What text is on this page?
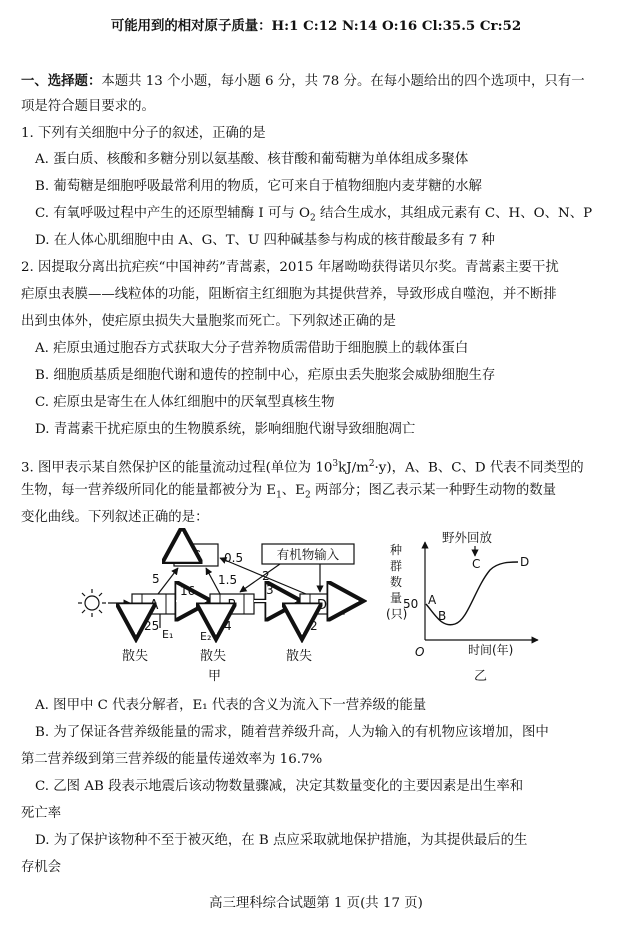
可能用到的相对原子质量：H:1 C:12 N:14 O:16 Cl:35.5 Cr:52
一、选择题：本题共 13 个小题，每小题 6 分，共 78 分。在每小题给出的四个选项中，只有一
项是符合题目要求的。
1. 下列有关细胞中分子的叙述，正确的是
A. 蛋白质、核酸和多糖分别以氨基酸、核苷酸和葡萄糖为单体组成多聚体
B. 葡萄糖是细胞呼吸最常利用的物质，它可来自于植物细胞内麦芽糖的水解
C. 有氧呼吸过程中产生的还原型辅酶 I 可与 $O_2$ 结合生成水，其组成元素有 C、H、O、N、P
D. 在人体心肌细胞中由 A、G、T、U 四种碱基参与构成的核苷酸最多有 7 种
2. 因提取分离出抗疟疾“中国神药”青蒿素，2015 年屠呦呦获得诺贝尔奖。青蒿素主要干扰
疟原虫表膜——线粒体的功能，阻断宿主红细胞为其提供营养，导致形成自噬泡，并不断排
出到虫体外，使疟原虫损失大量胞浆而死亡。下列叙述正确的是
A. 疟原虫通过胞吞方式获取大分子营养物质需借助于细胞膜上的载体蛋白
B. 细胞质基质是细胞代谢和遗传的控制中心，疟原虫丢失胞浆会威胁细胞生存
C. 疟原虫是寄生在人体红细胞中的厌氧型真核生物
D. 青蒿素干扰疟原虫的生物膜系统，影响细胞代谢导致细胞凋亡
3. 图甲表示某自然保护区的能量流动过程(单位为 $10^3kJ/m^2\cdot y$)，A、B、C、D 代表不同类型的
生物，每一营养级所同化的能量都被分为 $E_1$、$E_2$ 两部分；图乙表示某一种野生动物的数量
变化曲线。下列叙述正确的是：
A
16
B
3
D
C 0.5
5	1.5
有机物输入
2
25
E₁
4
E₂
2
散失	散失	散失
甲
种 群 数 量 (只)
50
O	时间(年)
A
B
C	D
野外回放
乙
A. 图甲中 C 代表分解者，E₁ 代表的含义为流入下一营养级的能量
B. 为了保证各营养级能量的需求，随着营养级升高，人为输入的有机物应该增加，图中
第二营养级到第三营养级的能量传递效率为 16.7%
C. 乙图 AB 段表示地震后该动物数量骤减，决定其数量变化的主要因素是出生率和
死亡率
D. 为了保护该物种不至于被灭绝，在 B 点应采取就地保护措施，为其提供最后的生
存机会
高三理科综合试题第 1 页(共 17 页)
